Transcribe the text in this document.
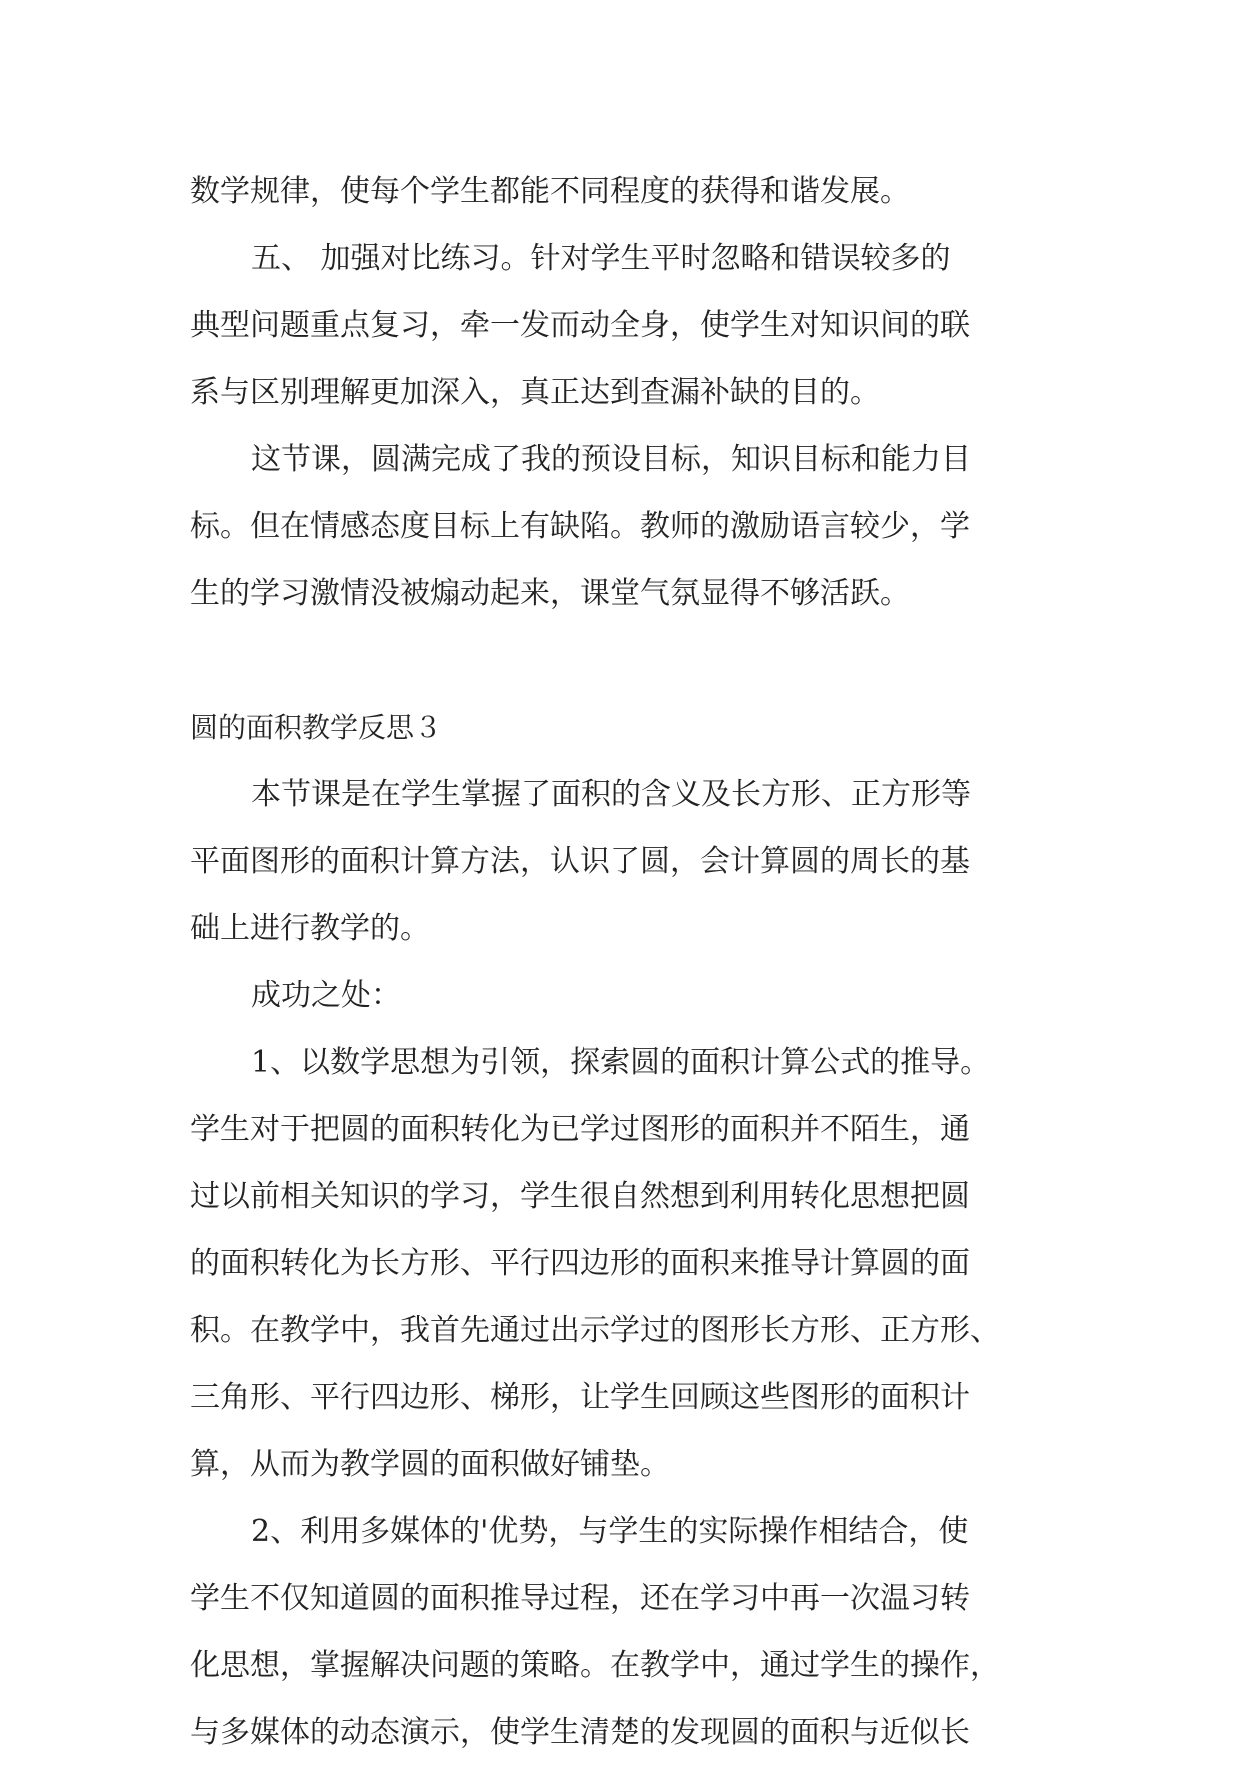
数学规律，使每个学生都能不同程度的获得和谐发展。
五、 加强对比练习。针对学生平时忽略和错误较多的
典型问题重点复习，牵一发而动全身，使学生对知识间的联
系与区别理解更加深入，真正达到查漏补缺的目的。
这节课，圆满完成了我的预设目标，知识目标和能力目
标。但在情感态度目标上有缺陷。教师的激励语言较少，学
生的学习激情没被煽动起来，课堂气氛显得不够活跃。
圆的面积教学反思３
本节课是在学生掌握了面积的含义及长方形、正方形等
平面图形的面积计算方法，认识了圆，会计算圆的周长的基
础上进行教学的。
成功之处：
1、以数学思想为引领，探索圆的面积计算公式的推导。
学生对于把圆的面积转化为已学过图形的面积并不陌生，通
过以前相关知识的学习，学生很自然想到利用转化思想把圆
的面积转化为长方形、平行四边形的面积来推导计算圆的面
积。在教学中，我首先通过出示学过的图形长方形、正方形、
三角形、平行四边形、梯形，让学生回顾这些图形的面积计
算，从而为教学圆的面积做好铺垫。
2、利用多媒体的'优势，与学生的实际操作相结合，使
学生不仅知道圆的面积推导过程，还在学习中再一次温习转
化思想，掌握解决问题的策略。在教学中，通过学生的操作，
与多媒体的动态演示，使学生清楚的发现圆的面积与近似长
